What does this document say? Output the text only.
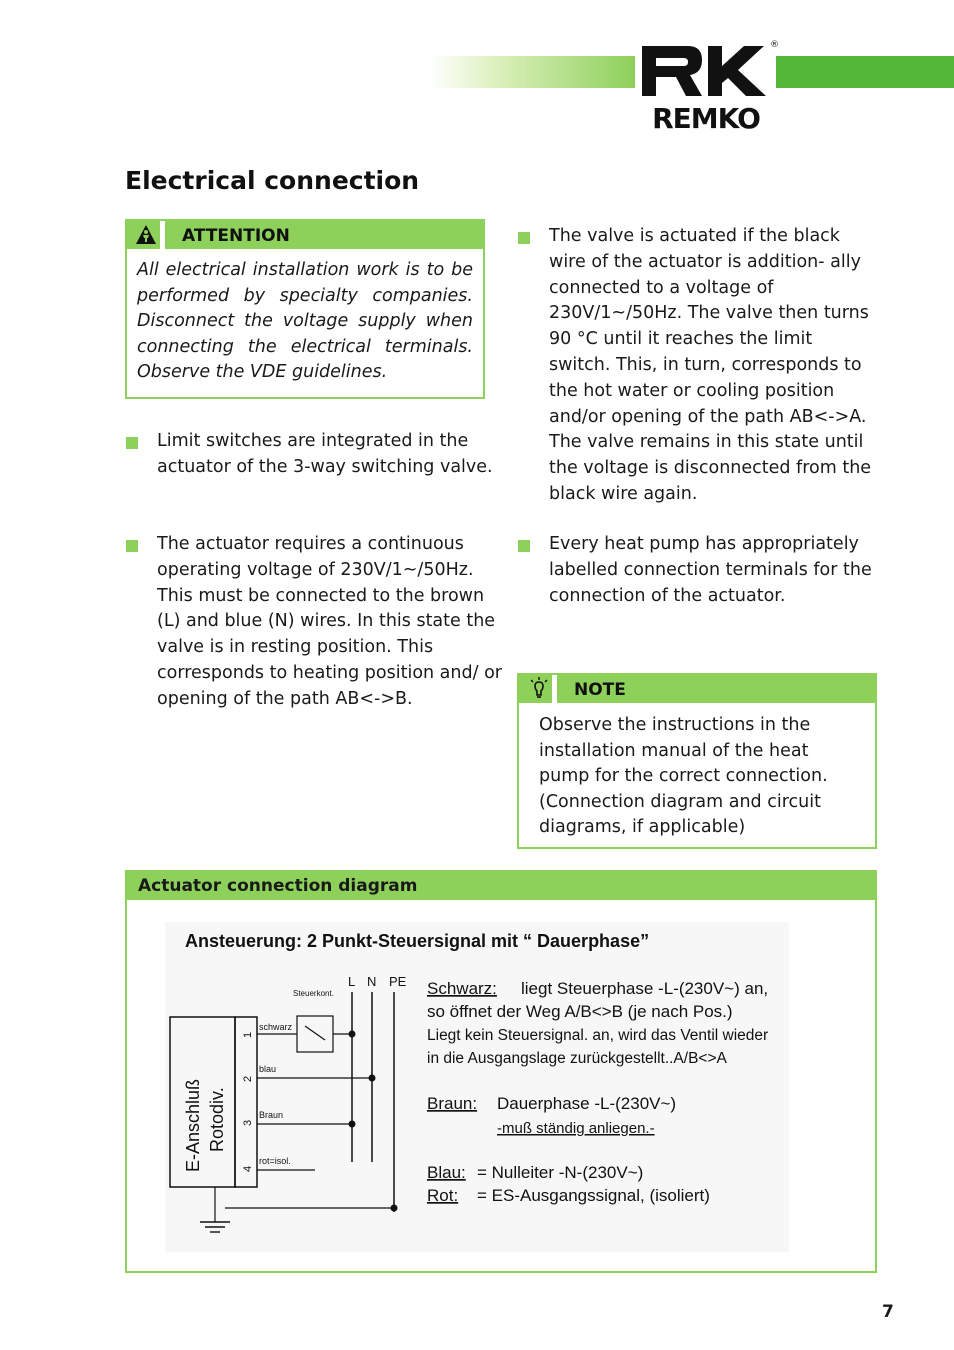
REMKO
®
Electrical connection
ATTENTION
All electrical installation work is to be performed by specialty companies. Disconnect the voltage supply when connecting the electrical terminals. Observe the VDE guidelines.
Limit switches are integrated in the actuator of the 3-way switching valve.
The actuator requires a continuous operating voltage of 230V/1~/50Hz. This must be connected to the brown (L) and blue (N) wires. In this state the valve is in resting position. This corresponds to heating position and/ or opening of the path AB<->B.
The valve is actuated if the black wire of the actuator is addition- ally connected to a voltage of 230V/1~/50Hz. The valve then turns 90 °C until it reaches the limit switch. This, in turn, corresponds to the hot water or cooling position and/or opening of the path AB<->A. The valve remains in this state until the voltage is disconnected from the black wire again.
Every heat pump has appropriately labelled connection terminals for the connection of the actuator.
NOTE
Observe the instructions in the installation manual of the heat pump for the correct connection. (Connection diagram and circuit diagrams, if applicable)
Actuator connection diagram
Ansteuerung: 2 Punkt-Steuersignal mit “ Dauerphase”
L N PE
E-Anschluß Rotodiv.
1
2
3
4
schwarz
blau
Braun
rot=isol.
Steuerkont.	Schwarz: liegt Steuerphase -L-(230V~) an,
so öffnet der Weg A/B<>B (je nach Pos.)
Liegt kein Steuersignal. an, wird das Ventil wieder
in die Ausgangslage zurückgestellt..A/B<>A
Braun: Dauerphase -L-(230V~)
-muß ständig anliegen.-
Blau: = Nulleiter -N-(230V~)
Rot: = ES-Ausgangssignal, (isoliert)
7
